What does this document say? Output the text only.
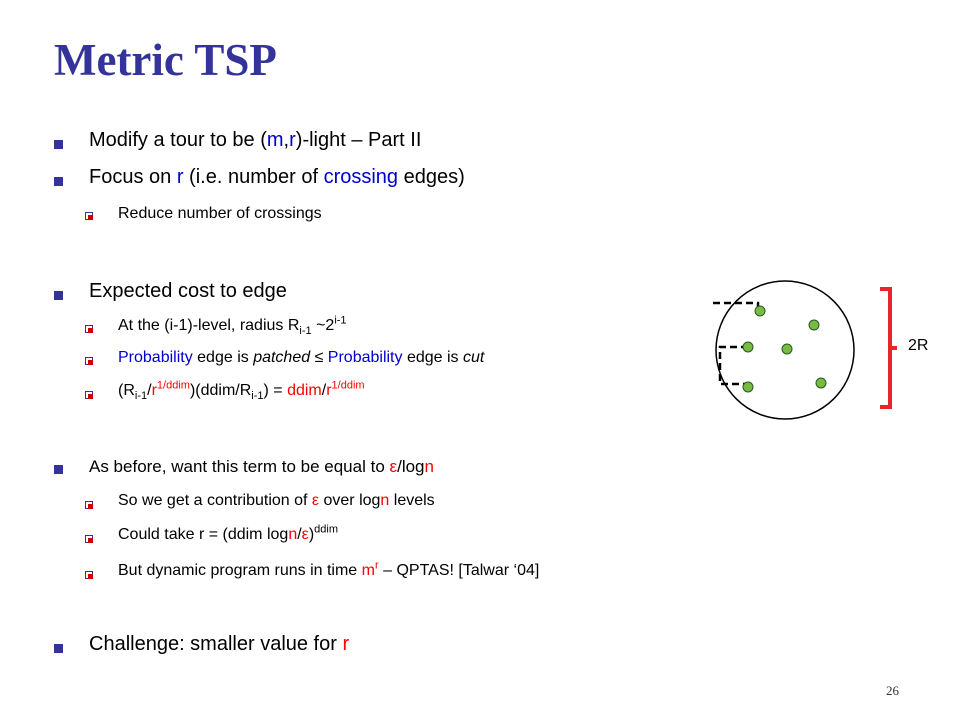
Metric TSP
Modify a tour to be (m,r)-light – Part II
Focus on r (i.e. number of crossing edges)
Reduce number of crossings
Expected cost to edge
At the (i-1)-level, radius $R_{i-1}$ ~2$^{i-1}$
Probability edge is patched ≤ Probability edge is cut
$(R_{i-1}/r^{1/ddim})(ddim/R_{i-1})$ = ddim/$r^{1/ddim}$
As before, want this term to be equal to ε/logn
So we get a contribution of ε over logn levels
Could take r = (ddim logn/ε)$^{ddim}$
But dynamic program runs in time $m^r$ – QPTAS! [Talwar ‘04]
Challenge: smaller value for r
2R
26
